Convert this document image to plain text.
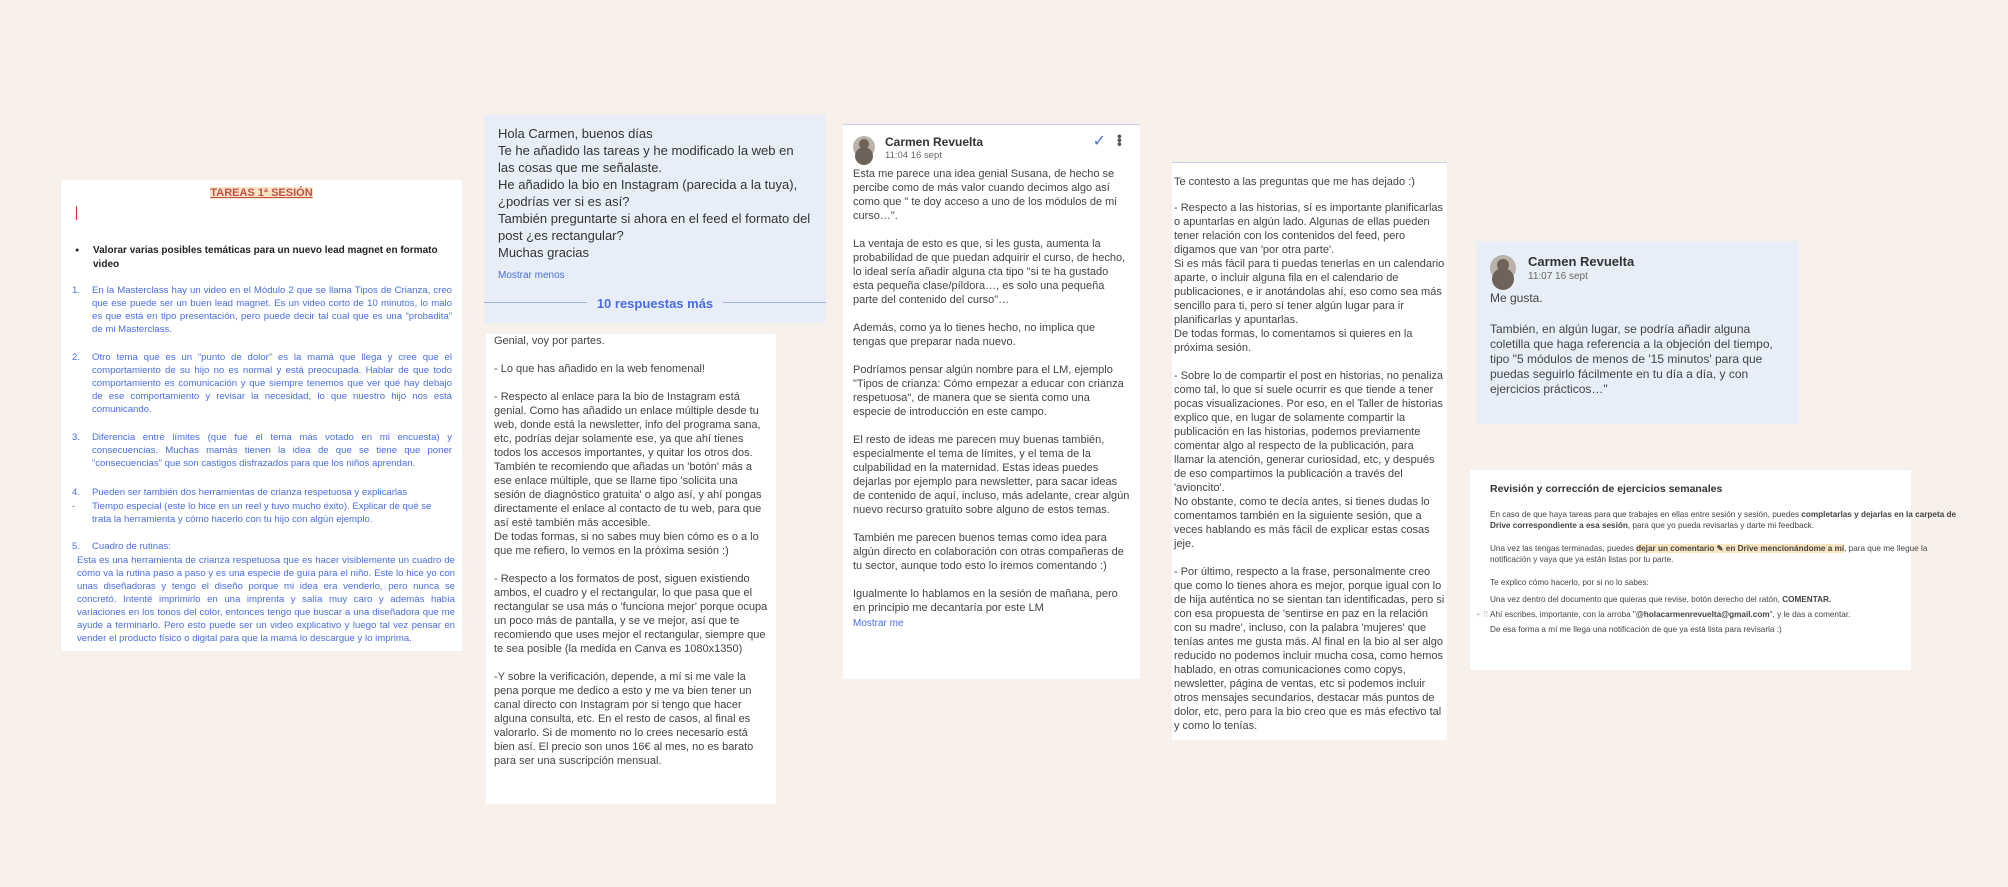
TAREAS 1ª SESIÓN
● Valorar varias posibles temáticas para un nuevo lead magnet en formato video
1. En la Masterclass hay un video en el Módulo 2 que se llama Tipos de Crianza, creo que ese puede ser un buen lead magnet. Es un video corto de 10 minutos, lo malo es que está en tipo presentación, pero puede decir tal cual que es una “probadita” de mi Masterclass.
2. Otro tema que es un “punto de dolor” es la mamá que llega y cree que el comportamiento de su hijo no es normal y está preocupada. Hablar de que todo comportamiento es comunicación y que siempre tenemos que ver qué hay debajo de ese comportamiento y revisar la necesidad, lo que nuestro hijo nos está comunicando.
3. Diferencia entre límites (que fue el tema más votado en mi encuesta) y consecuencias. Muchas mamás tienen la idea de que se tiene que poner “consecuencias” que son castigos disfrazados para que los niños aprendan.
4. Pueden ser también dos herramientas de crianza respetuosa y explicarlas
- Tiempo especial (este lo hice en un reel y tuvo mucho éxito). Explicar de qué se trata la herramienta y cómo hacerlo con tu hijo con algún ejemplo.
5. Cuadro de rutinas:
Esta es una herramienta de crianza respetuosa que es hacer visiblemente un cuadro de cómo va la rutina paso a paso y es una especie de guía para el niño. Este lo hice yo con unas diseñadoras y tengo el diseño porque mi idea era venderlo, pero nunca se concretó. Intenté imprimirlo en una imprenta y salía muy caro y además había variaciones en los tonos del color, entonces tengo que buscar a una diseñadora que me ayude a terminarlo. Pero esto puede ser un video explicativo y luego tal vez pensar en vender el producto físico o digital para que la mamá lo descargue y lo imprima.
Hola Carmen, buenos días
Te he añadido las tareas y he modificado la web en las cosas que me señalaste.
He añadido la bio en Instagram (parecida a la tuya), ¿podrías ver si es así?
También preguntarte si ahora en el feed el formato del post ¿es rectangular?
Muchas gracias
Mostrar menos
10 respuestas más

Genial, voy por partes.

- Lo que has añadido en la web fenomenal!

- Respecto al enlace para la bio de Instagram está genial. Como has añadido un enlace múltiple desde tu web, donde está la newsletter, info del programa sana, etc, podrías dejar solamente ese, ya que ahí tienes todos los accesos importantes, y quitar los otros dos. También te recomiendo que añadas un 'botón' más a ese enlace múltiple, que se llame tipo 'solicita una sesión de diagnóstico gratuita' o algo así, y ahí pongas directamente el enlace al contacto de tu web, para que así esté también más accesible.
De todas formas, si no sabes muy bien cómo es o a lo que me refiero, lo vemos en la próxima sesión :)

- Respecto a los formatos de post, siguen existiendo ambos, el cuadro y el rectangular, lo que pasa que el rectangular se usa más o 'funciona mejor' porque ocupa un poco más de pantalla, y se ve mejor, así que te recomiendo que uses mejor el rectangular, siempre que te sea posible (la medida en Canva es 1080x1350)

-Y sobre la verificación, depende, a mí si me vale la pena porque me dedico a esto y me va bien tener un canal directo con Instagram por si tengo que hacer alguna consulta, etc. En el resto de casos, al final es valorarlo. Si de momento no lo crees necesario está bien así. El precio son unos 16€ al mes, no es barato para ser una suscripción mensual.

Carmen Revuelta
11:04 16 sept
✓ •••

Esta me parece una idea genial Susana, de hecho se percibe como de más valor cuando decimos algo así como que " te doy acceso a uno de los módulos de mi curso…".

La ventaja de esto es que, si les gusta, aumenta la probabilidad de que puedan adquirir el curso, de hecho, lo ideal sería añadir alguna cta tipo "si te ha gustado esta pequeña clase/píldora…, es solo una pequeña parte del contenido del curso"…

Además, como ya lo tienes hecho, no implica que tengas que preparar nada nuevo.

Podríamos pensar algún nombre para el LM, ejemplo "Tipos de crianza: Cómo empezar a educar con crianza respetuosa", de manera que se sienta como una especie de introducción en este campo.

El resto de ideas me parecen muy buenas también, especialmente el tema de límites, y el tema de la culpabilidad en la maternidad. Estas ideas puedes dejarlas por ejemplo para newsletter, para sacar ideas de contenido de aquí, incluso, más adelante, crear algún nuevo recurso gratuito sobre alguno de estos temas.

También me parecen buenos temas como idea para algún directo en colaboración con otras compañeras de tu sector, aunque todo esto lo iremos comentando :)

Igualmente lo hablamos en la sesión de mañana, pero en principio me decantaría por este LM

Mostrar me

Te contesto a las preguntas que me has dejado :)

- Respecto a las historias, sí es importante planificarlas o apuntarlas en algún lado. Algunas de ellas pueden tener relación con los contenidos del feed, pero digamos que van 'por otra parte'.
Si es más fácil para ti puedas tenerlas en un calendario aparte, o incluir alguna fila en el calendario de publicaciones, e ir anotándolas ahí, eso como sea más sencillo para ti, pero sí tener algún lugar para ir planificarlas y apuntarlas.
De todas formas, lo comentamos si quieres en la próxima sesión.

- Sobre lo de compartir el post en historias, no penaliza como tal, lo que sí suele ocurrir es que tiende a tener pocas visualizaciones. Por eso, en el Taller de historias explico que, en lugar de solamente compartir la publicación en las historias, podemos previamente comentar algo al respecto de la publicación, para llamar la atención, generar curiosidad, etc, y después de eso compartimos la publicación a través del 'avioncito'.
No obstante, como te decía antes, si tienes dudas lo comentamos también en la siguiente sesión, que a veces hablando es más fácil de explicar estas cosas jeje.

- Por último, respecto a la frase, personalmente creo que como lo tienes ahora es mejor, porque igual con lo de hija auténtica no se sientan tan identificadas, pero si con esa propuesta de 'sentirse en paz en la relación con su madre', incluso, con la palabra 'mujeres' que tenías antes me gusta más. Al final en la bio al ser algo reducido no podemos incluir mucha cosa, como hemos hablado, en otras comunicaciones como copys, newsletter, página de ventas, etc si podemos incluir otros mensajes secundarios, destacar más puntos de dolor, etc, pero para la bio creo que es más efectivo tal y como lo tenías.

Carmen Revuelta
11:07 16 sept

Me gusta.

También, en algún lugar, se podría añadir alguna coletilla que haga referencia a la objeción del tiempo, tipo "5 módulos de menos de '15 minutos' para que puedas seguirlo fácilmente en tu día a día, y con ejercicios prácticos…"

Revisión y corrección de ejercicios semanales

En caso de que haya tareas para que trabajes en ellas entre sesión y sesión, puedes completarlas y dejarlas en la carpeta de

Drive correspondiente a esa sesión, para que yo pueda revisarlas y darte mi feedback.

Una vez las tengas terminadas, puedes dejar un comentario ✎ en Drive mencionándome a mí, para que me llegue la

notificación y vaya que ya están listas por tu parte.

Te explico cómo hacerlo, por si no lo sabes:

Una vez dentro del documento que quieras que revise, botón derecho del ratón, COMENTAR.

+ ⠿ Ahí escribes, importante, con la arroba "@holacarmenrevuelta@gmail.com", y le das a comentar.

De esa forma a mí me llega una notificación de que ya está lista para revisarla :)
